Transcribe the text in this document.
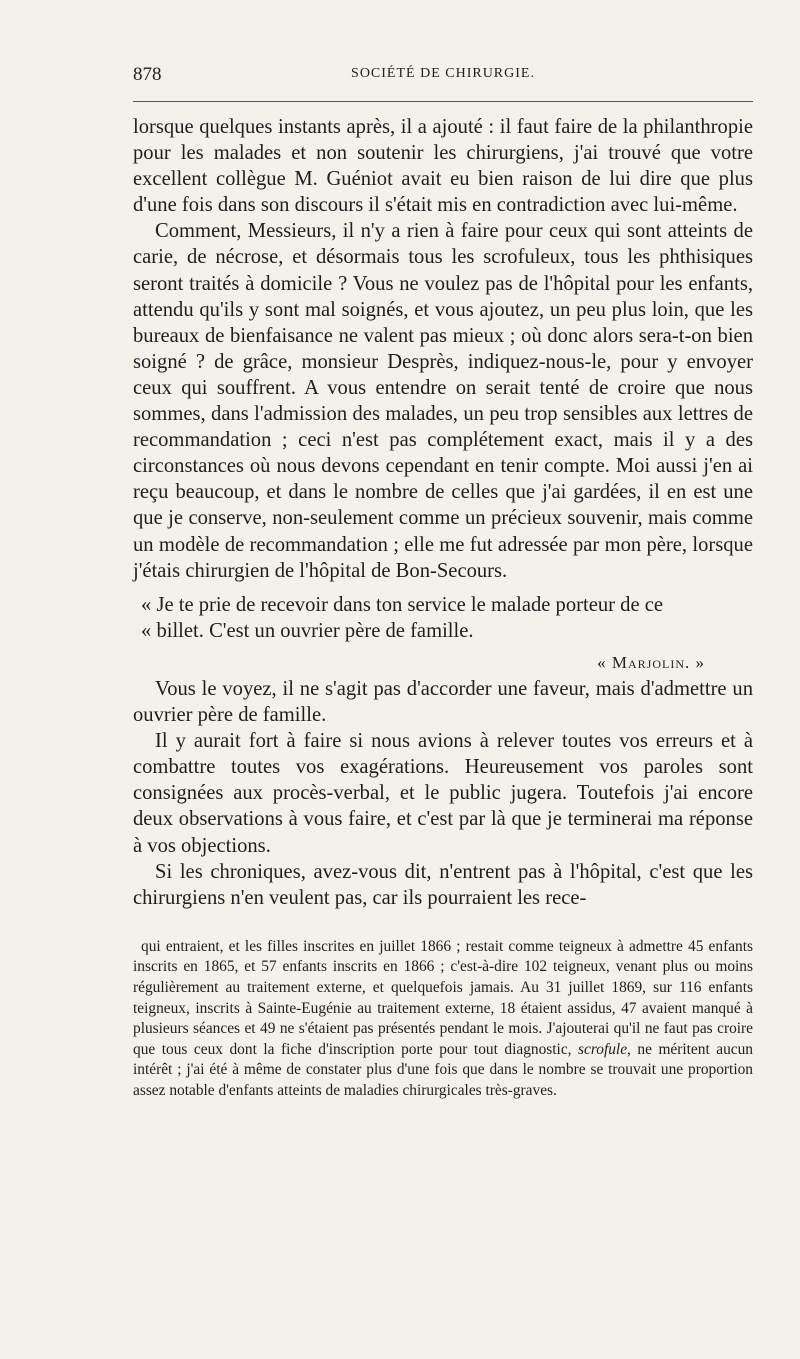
878	SOCIÉTÉ DE CHIRURGIE.

lorsque quelques instants après, il a ajouté : il faut faire de la philanthropie pour les malades et non soutenir les chirurgiens, j'ai trouvé que votre excellent collègue M. Guéniot avait eu bien raison de lui dire que plus d'une fois dans son discours il s'était mis en contradiction avec lui-même.

Comment, Messieurs, il n'y a rien à faire pour ceux qui sont atteints de carie, de nécrose, et désormais tous les scrofuleux, tous les phthisiques seront traités à domicile ? Vous ne voulez pas de l'hôpital pour les enfants, attendu qu'ils y sont mal soignés, et vous ajoutez, un peu plus loin, que les bureaux de bienfaisance ne valent pas mieux ; où donc alors sera-t-on bien soigné ? de grâce, monsieur Desprès, indiquez-nous-le, pour y envoyer ceux qui souffrent. A vous entendre on serait tenté de croire que nous sommes, dans l'admission des malades, un peu trop sensibles aux lettres de recommandation ; ceci n'est pas complétement exact, mais il y a des circonstances où nous devons cependant en tenir compte. Moi aussi j'en ai reçu beaucoup, et dans le nombre de celles que j'ai gardées, il en est une que je conserve, non-seulement comme un précieux souvenir, mais comme un modèle de recommandation ; elle me fut adressée par mon père, lorsque j'étais chirurgien de l'hôpital de Bon-Secours.

« Je te prie de recevoir dans ton service le malade porteur de ce
« billet. C'est un ouvrier père de famille.
« Marjolin. »

Vous le voyez, il ne s'agit pas d'accorder une faveur, mais d'admettre un ouvrier père de famille.

Il y aurait fort à faire si nous avions à relever toutes vos erreurs et à combattre toutes vos exagérations. Heureusement vos paroles sont consignées aux procès-verbal, et le public jugera. Toutefois j'ai encore deux observations à vous faire, et c'est par là que je terminerai ma réponse à vos objections.

Si les chroniques, avez-vous dit, n'entrent pas à l'hôpital, c'est que les chirurgiens n'en veulent pas, car ils pourraient les rece-

qui entraient, et les filles inscrites en juillet 1866 ; restait comme teigneux à admettre 45 enfants inscrits en 1865, et 57 enfants inscrits en 1866 ; c'est-à-dire 102 teigneux, venant plus ou moins régulièrement au traitement externe, et quelquefois jamais. Au 31 juillet 1869, sur 116 enfants teigneux, inscrits à Sainte-Eugénie au traitement externe, 18 étaient assidus, 47 avaient manqué à plusieurs séances et 49 ne s'étaient pas présentés pendant le mois. J'ajouterai qu'il ne faut pas croire que tous ceux dont la fiche d'inscription porte pour tout diagnostic, scrofule, ne méritent aucun intérêt ; j'ai été à même de constater plus d'une fois que dans le nombre se trouvait une proportion assez notable d'enfants atteints de maladies chirurgicales très-graves.
